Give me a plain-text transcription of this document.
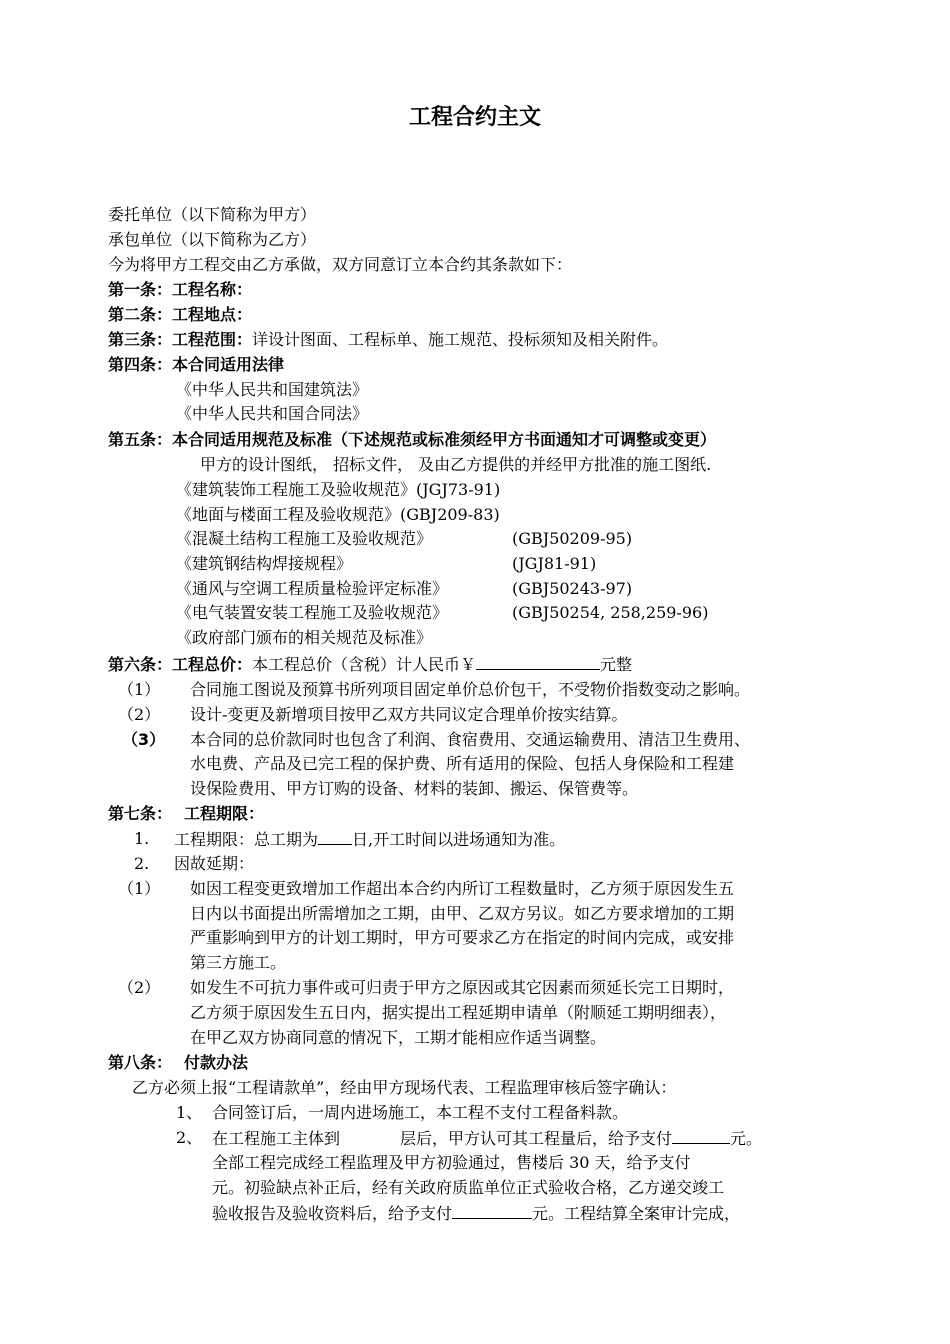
工程合约主文
委托单位（以下简称为甲方）
承包单位（以下简称为乙方）
今为将甲方工程交由乙方承做，双方同意订立本合约其条款如下：
第一条：工程名称：
第二条：工程地点：
第三条：工程范围：详设计图面、工程标单、施工规范、投标须知及相关附件。
第四条：本合同适用法律
《中华人民共和国建筑法》
《中华人民共和国合同法》
第五条：本合同适用规范及标准（下述规范或标准须经甲方书面通知才可调整或变更）
甲方的设计图纸， 招标文件， 及由乙方提供的并经甲方批准的施工图纸.
《建筑装饰工程施工及验收规范》(JGJ73-91)
《地面与楼面工程及验收规范》(GBJ209-83)
《混凝土结构工程施工及验收规范》	(GBJ50209-95)
《建筑钢结构焊接规程》	(JGJ81-91)
《通风与空调工程质量检验评定标准》	(GBJ50243-97)
《电气装置安装工程施工及验收规范》	(GBJ50254, 258,259-96)
《政府部门颁布的相关规范及标准》
第六条：工程总价：本工程总价（含税）计人民币￥	元整
（1） 合同施工图说及预算书所列项目固定单价总价包干，不受物价指数变动之影响。
（2） 设计-变更及新增项目按甲乙双方共同议定合理单价按实结算。
（3） 本合同的总价款同时也包含了利润、食宿费用、交通运输费用、清洁卫生费用、
水电费、产品及已完工程的保护费、所有适用的保险、包括人身保险和工程建
设保险费用、甲方订购的设备、材料的装卸、搬运、保管费等。
第七条： 工程期限：
1. 工程期限：总工期为 日,开工时间以进场通知为准。
2. 因故延期：
（1） 如因工程变更致增加工作超出本合约内所订工程数量时，乙方须于原因发生五
日内以书面提出所需增加之工期，由甲、乙双方另议。如乙方要求增加的工期
严重影响到甲方的计划工期时，甲方可要求乙方在指定的时间内完成，或安排
第三方施工。
（2） 如发生不可抗力事件或可归责于甲方之原因或其它因素而须延长完工日期时，
乙方须于原因发生五日内，据实提出工程延期申请单（附顺延工期明细表），
在甲乙双方协商同意的情况下，工期才能相应作适当调整。
第八条： 付款办法
乙方必须上报“工程请款单”，经由甲方现场代表、工程监理审核后签字确认：
1、 合同签订后，一周内进场施工，本工程不支付工程备料款。
2、 在工程施工主体到	层后，甲方认可其工程量后，给予支付	元。
全部工程完成经工程监理及甲方初验通过，售楼后 30 天，给予支付
元。初验缺点补正后，经有关政府质监单位正式验收合格，乙方递交竣工
验收报告及验收资料后，给予支付	元。工程结算全案审计完成，
